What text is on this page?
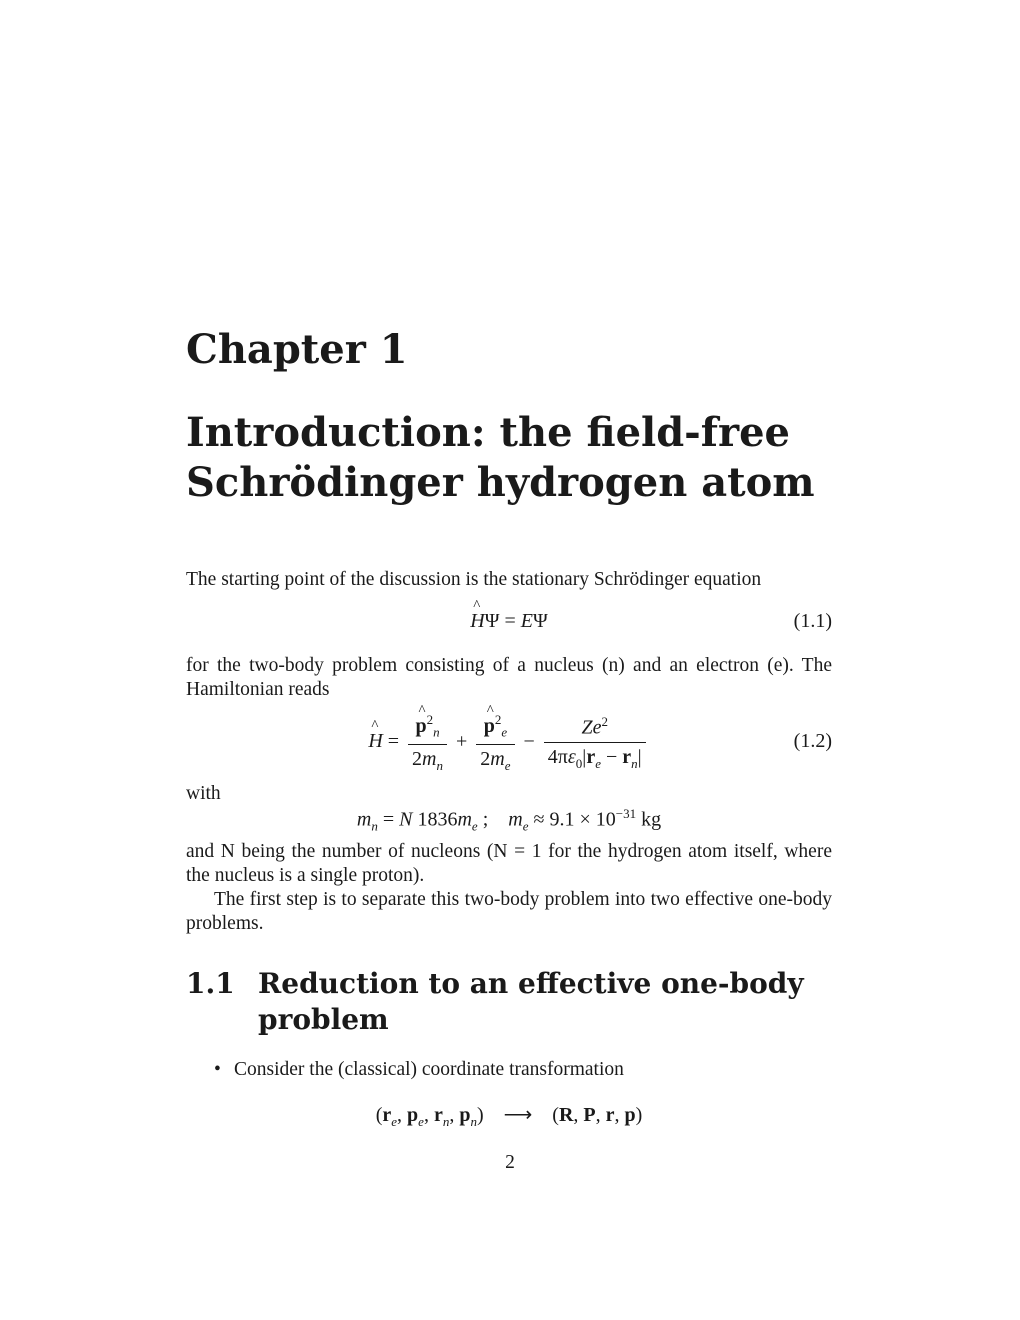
Chapter 1
Introduction: the field-free Schrödinger hydrogen atom
The starting point of the discussion is the stationary Schrödinger equation
^ HΨ = EΨ	(1.1)
for the two-body problem consisting of a nucleus (n) and an electron (e). The Hamiltonian reads
^ H = ^ $\frac{p^2_n}{2m_n}$ + ^ $\frac{p^2_e}{2m_e} - \frac{Ze^2}{4\pi\varepsilon_0|r_e - r_n|}$	(1.2)
with
$m_n = N$ $1836m_e$ ;    $m_e \approx 9.1 \times 10^{-31}$ kg
and N being the number of nucleons (N = 1 for the hydrogen atom itself, where the nucleus is a single proton).
The first step is to separate this two-body problem into two effective one-body problems.
1.1 Reduction to an effective one-body problem
• Consider the (classical) coordinate transformation
($r_e$, $p_e$, $r_n$, $p_n$)    ⟶    (R, P, r, p)
2
